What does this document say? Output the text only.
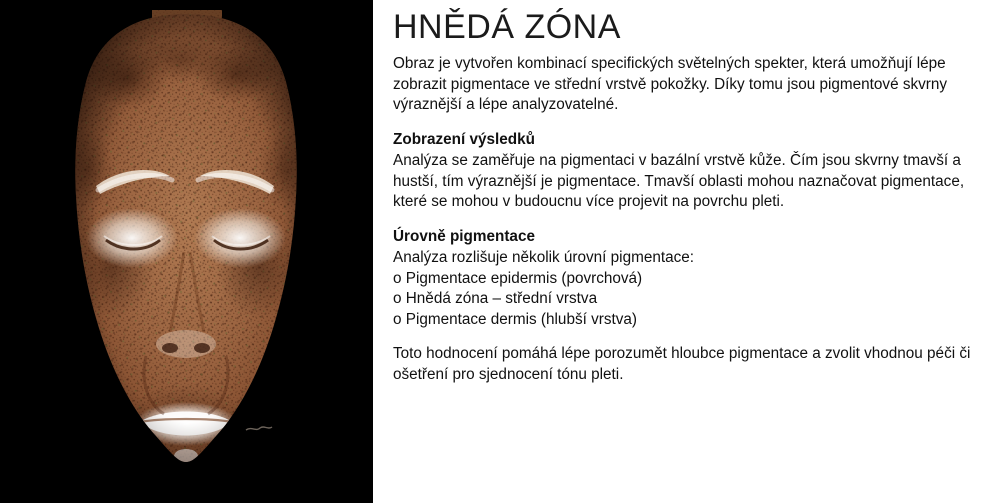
HNĚDÁ ZÓNA

Obraz je vytvořen kombinací specifických světelných spekter, která umožňují lépe zobrazit pigmentace ve střední vrstvě pokožky. Díky tomu jsou pigmentové skvrny výraznější a lépe analyzovatelné.

Zobrazení výsledků

Analýza se zaměřuje na pigmentaci v bazální vrstvě kůže. Čím jsou skvrny tmavší a hustší, tím výraznější je pigmentace. Tmavší oblasti mohou naznačovat pigmentace, které se mohou v budoucnu více projevit na povrchu pleti.

Úrovně pigmentace

Analýza rozlišuje několik úrovní pigmentace:

o Pigmentace epidermis (povrchová)
o Hnědá zóna – střední vrstva
o Pigmentace dermis (hlubší vrstva)

Toto hodnocení pomáhá lépe porozumět hloubce pigmentace a zvolit vhodnou péči či ošetření pro sjednocení tónu pleti.
